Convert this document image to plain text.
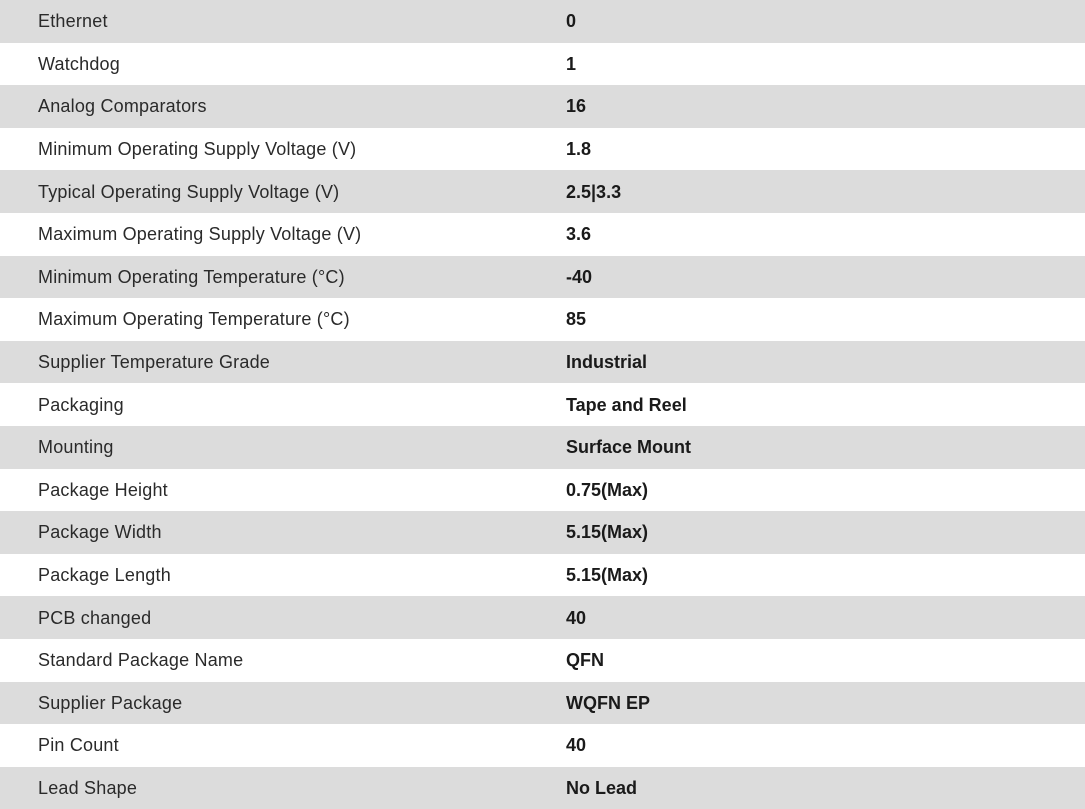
Ethernet	0
Watchdog	1
Analog Comparators	16
Minimum Operating Supply Voltage (V)	1.8
Typical Operating Supply Voltage (V)	2.5|3.3
Maximum Operating Supply Voltage (V)	3.6
Minimum Operating Temperature (°C)	-40
Maximum Operating Temperature (°C)	85
Supplier Temperature Grade	Industrial
Packaging	Tape and Reel
Mounting	Surface Mount
Package Height	0.75(Max)
Package Width	5.15(Max)
Package Length	5.15(Max)
PCB changed	40
Standard Package Name	QFN
Supplier Package	WQFN EP
Pin Count	40
Lead Shape	No Lead
